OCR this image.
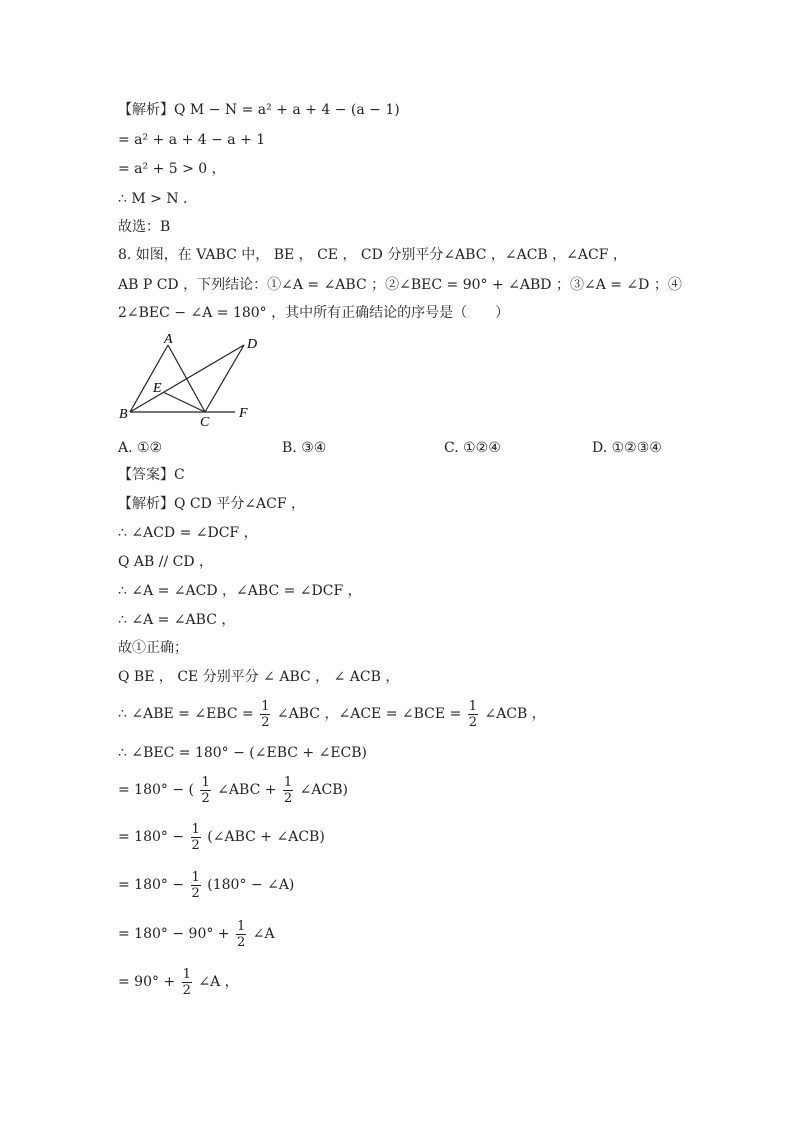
【解析】Q M − N = a² + a + 4 − (a − 1)
= a² + a + 4 − a + 1
= a² + 5 > 0 ，
∴ M > N .
故选：B
8. 如图，在 VABC 中， BE ， CE ， CD 分别平分∠ABC ，∠ACB ，∠ACF ，
AB P CD ，下列结论：①∠A = ∠ABC ；②∠BEC = 90° + ∠ABD ；③∠A = ∠D ；④
2∠BEC − ∠A = 180° ，其中所有正确结论的序号是（　　）
A
B
C
D
E
F
A. ①②	B. ③④	C. ①②④	D. ①②③④
【答案】C
【解析】Q CD 平分∠ACF ，
∴ ∠ACD = ∠DCF ，
Q AB // CD ，
∴ ∠A = ∠ACD ，∠ABC = ∠DCF ，
∴ ∠A = ∠ABC ，
故①正确；
Q BE ， CE 分别平分 ∠ ABC ， ∠ ACB ，
∴ ∠ABE = ∠EBC = $\frac{1}{2}$ ∠ABC ，∠ACE = ∠BCE = $\frac{1}{2}$ ∠ACB ，
∴ ∠BEC = 180° − (∠EBC + ∠ECB)
= 180° − ( $\frac{1}{2}$ ∠ABC + $\frac{1}{2}$ ∠ACB)
= $180^\circ - \frac{1}{2}$ (∠ABC + ∠ACB)
= $180^\circ - \frac{1}{2} (180^\circ$ − ∠A)
= $180^\circ - 90^\circ + \frac{1}{2}$ ∠A
= $90^\circ + \frac{1}{2}$ ∠A ，
